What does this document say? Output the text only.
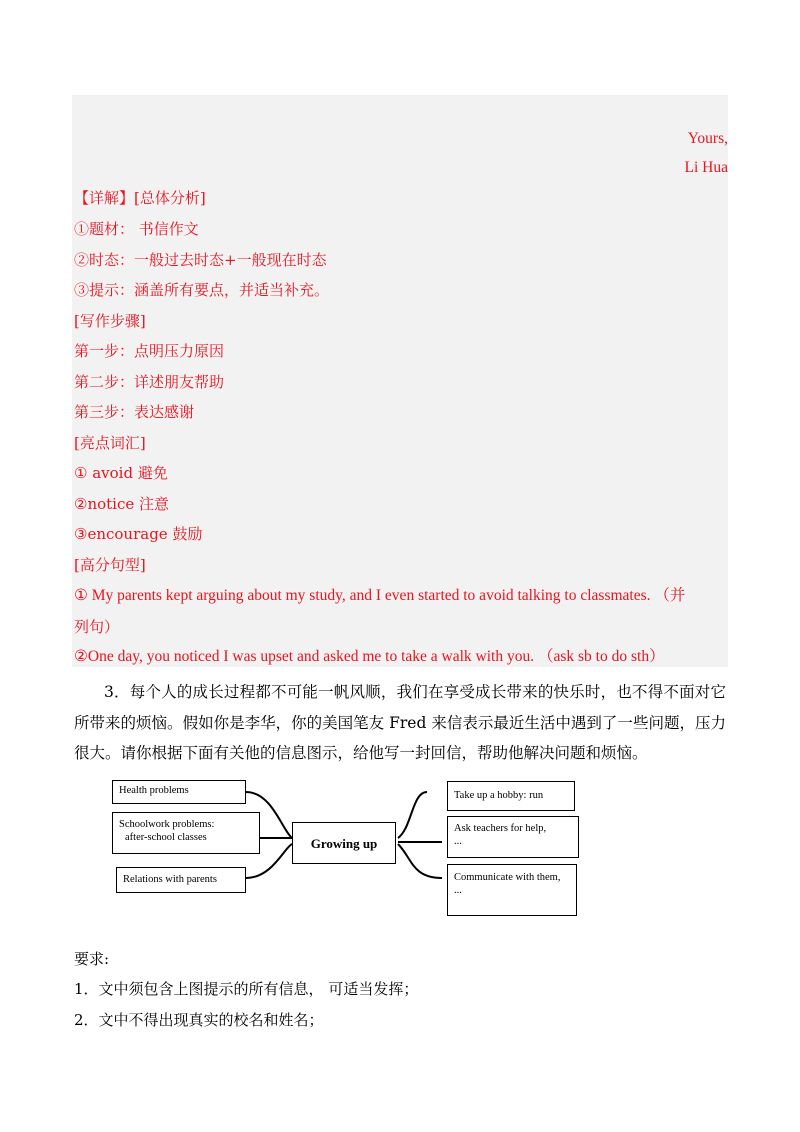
Yours,
Li Hua
【详解】[总体分析]
①题材： 书信作文
②时态：一般过去时态+一般现在时态
③提示：涵盖所有要点，并适当补充。
[写作步骤]
第一步：点明压力原因
第二步：详述朋友帮助
第三步：表达感谢
[亮点词汇]
① avoid 避免
②notice 注意
③encourage 鼓励
[高分句型]
① My parents kept arguing about my study, and I even started to avoid talking to classmates. （并
列句）
②One day, you noticed I was upset and asked me to take a walk with you. （ask sb to do sth）
3．每个人的成长过程都不可能一帆风顺，我们在享受成长带来的快乐时，也不得不面对它所带来的烦恼。假如你是李华，你的美国笔友 Fred 来信表示最近生活中遇到了一些问题，压力很大。请你根据下面有关他的信息图示，给他写一封回信，帮助他解决问题和烦恼。
Health problems
Schoolwork problems:
after-school classes
Relations with parents
Growing up
Take up a hobby: run
Ask teachers for help,
...
Communicate with them,
...
要求:
1．文中须包含上图提示的所有信息， 可适当发挥；
2．文中不得出现真实的校名和姓名；
